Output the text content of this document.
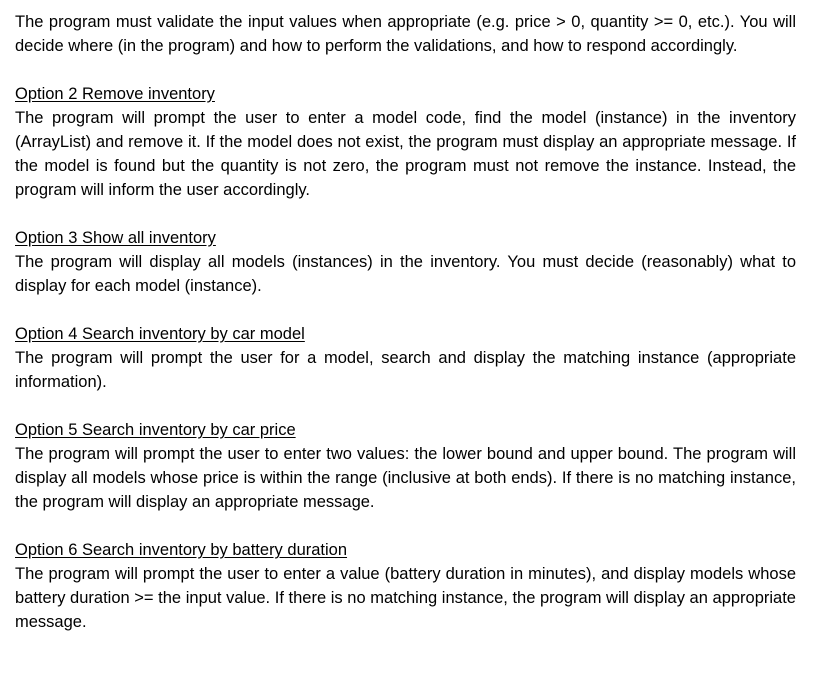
The program must validate the input values when appropriate (e.g. price > 0, quantity >= 0, etc.). You will decide where (in the program) and how to perform the validations, and how to respond accordingly.

Option 2 Remove inventory

The program will prompt the user to enter a model code, find the model (instance) in the inventory (ArrayList) and remove it. If the model does not exist, the program must display an appropriate message. If the model is found but the quantity is not zero, the program must not remove the instance. Instead, the program will inform the user accordingly.

Option 3 Show all inventory

The program will display all models (instances) in the inventory. You must decide (reasonably) what to display for each model (instance).

Option 4 Search inventory by car model

The program will prompt the user for a model, search and display the matching instance (appropriate information).

Option 5 Search inventory by car price

The program will prompt the user to enter two values: the lower bound and upper bound. The program will display all models whose price is within the range (inclusive at both ends). If there is no matching instance, the program will display an appropriate message.

Option 6 Search inventory by battery duration

The program will prompt the user to enter a value (battery duration in minutes), and display models whose battery duration >= the input value. If there is no matching instance, the program will display an appropriate message.
